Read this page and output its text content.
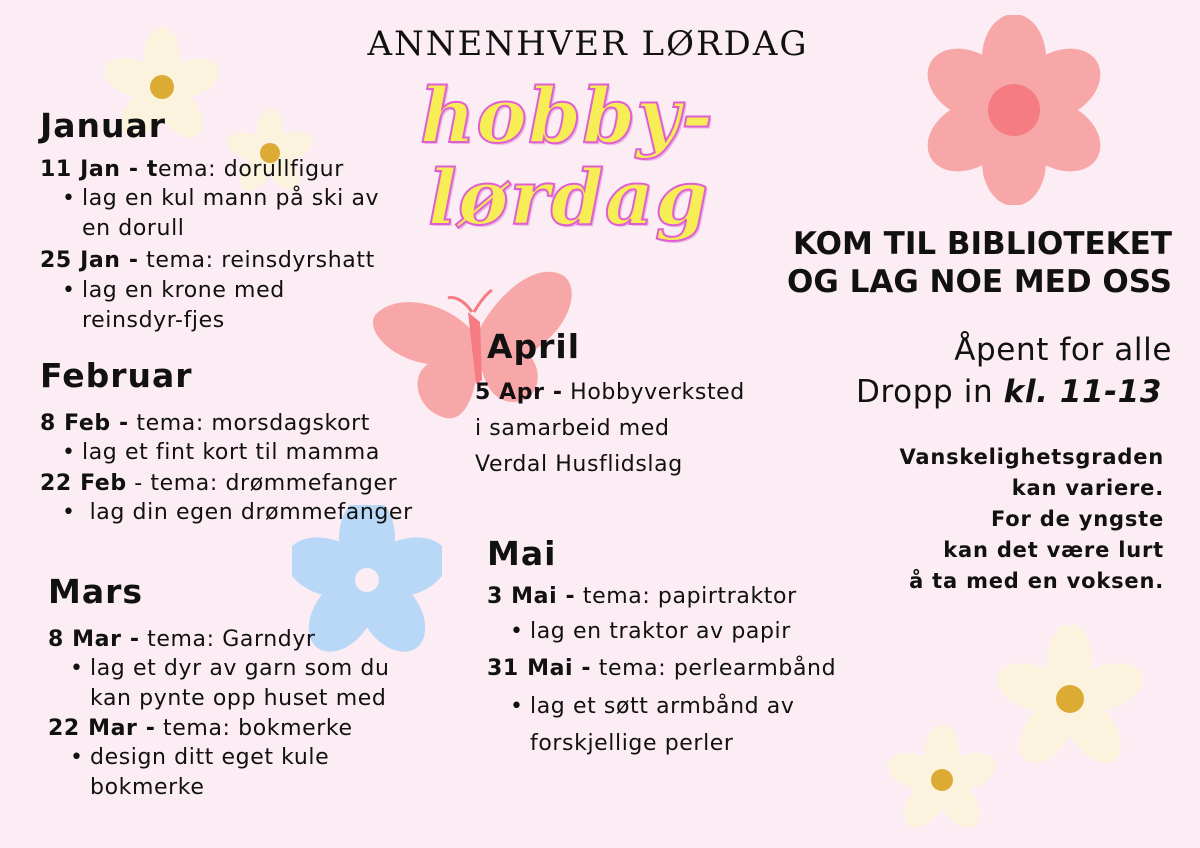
ANNENHVER LØRDAG
hobby-
lørdag
Januar
11 Jan - tema: dorullfigur
• lag en kul mann på ski av
en dorull
25 Jan - tema: reinsdyrshatt
• lag en krone med
reinsdyr-fjes
Februar
8 Feb - tema: morsdagskort
• lag et fint kort til mamma
22 Feb - tema: drømmefanger
•  lag din egen drømmefanger
Mars
8 Mar - tema: Garndyr
• lag et dyr av garn som du
kan pynte opp huset med
22 Mar - tema: bokmerke
• design ditt eget kule
bokmerke
April
5 Apr - Hobbyverksted
i samarbeid med
Verdal Husflidslag
Mai
3 Mai - tema: papirtraktor
• lag en traktor av papir
31 Mai - tema: perlearmbånd
• lag et søtt armbånd av
forskjellige perler
KOM TIL BIBLIOTEKET
OG LAG NOE MED OSS
Åpent for alle
Dropp in kl. 11-13
Vanskelighetsgraden
kan variere.
For de yngste
kan det være lurt
å ta med en voksen.
